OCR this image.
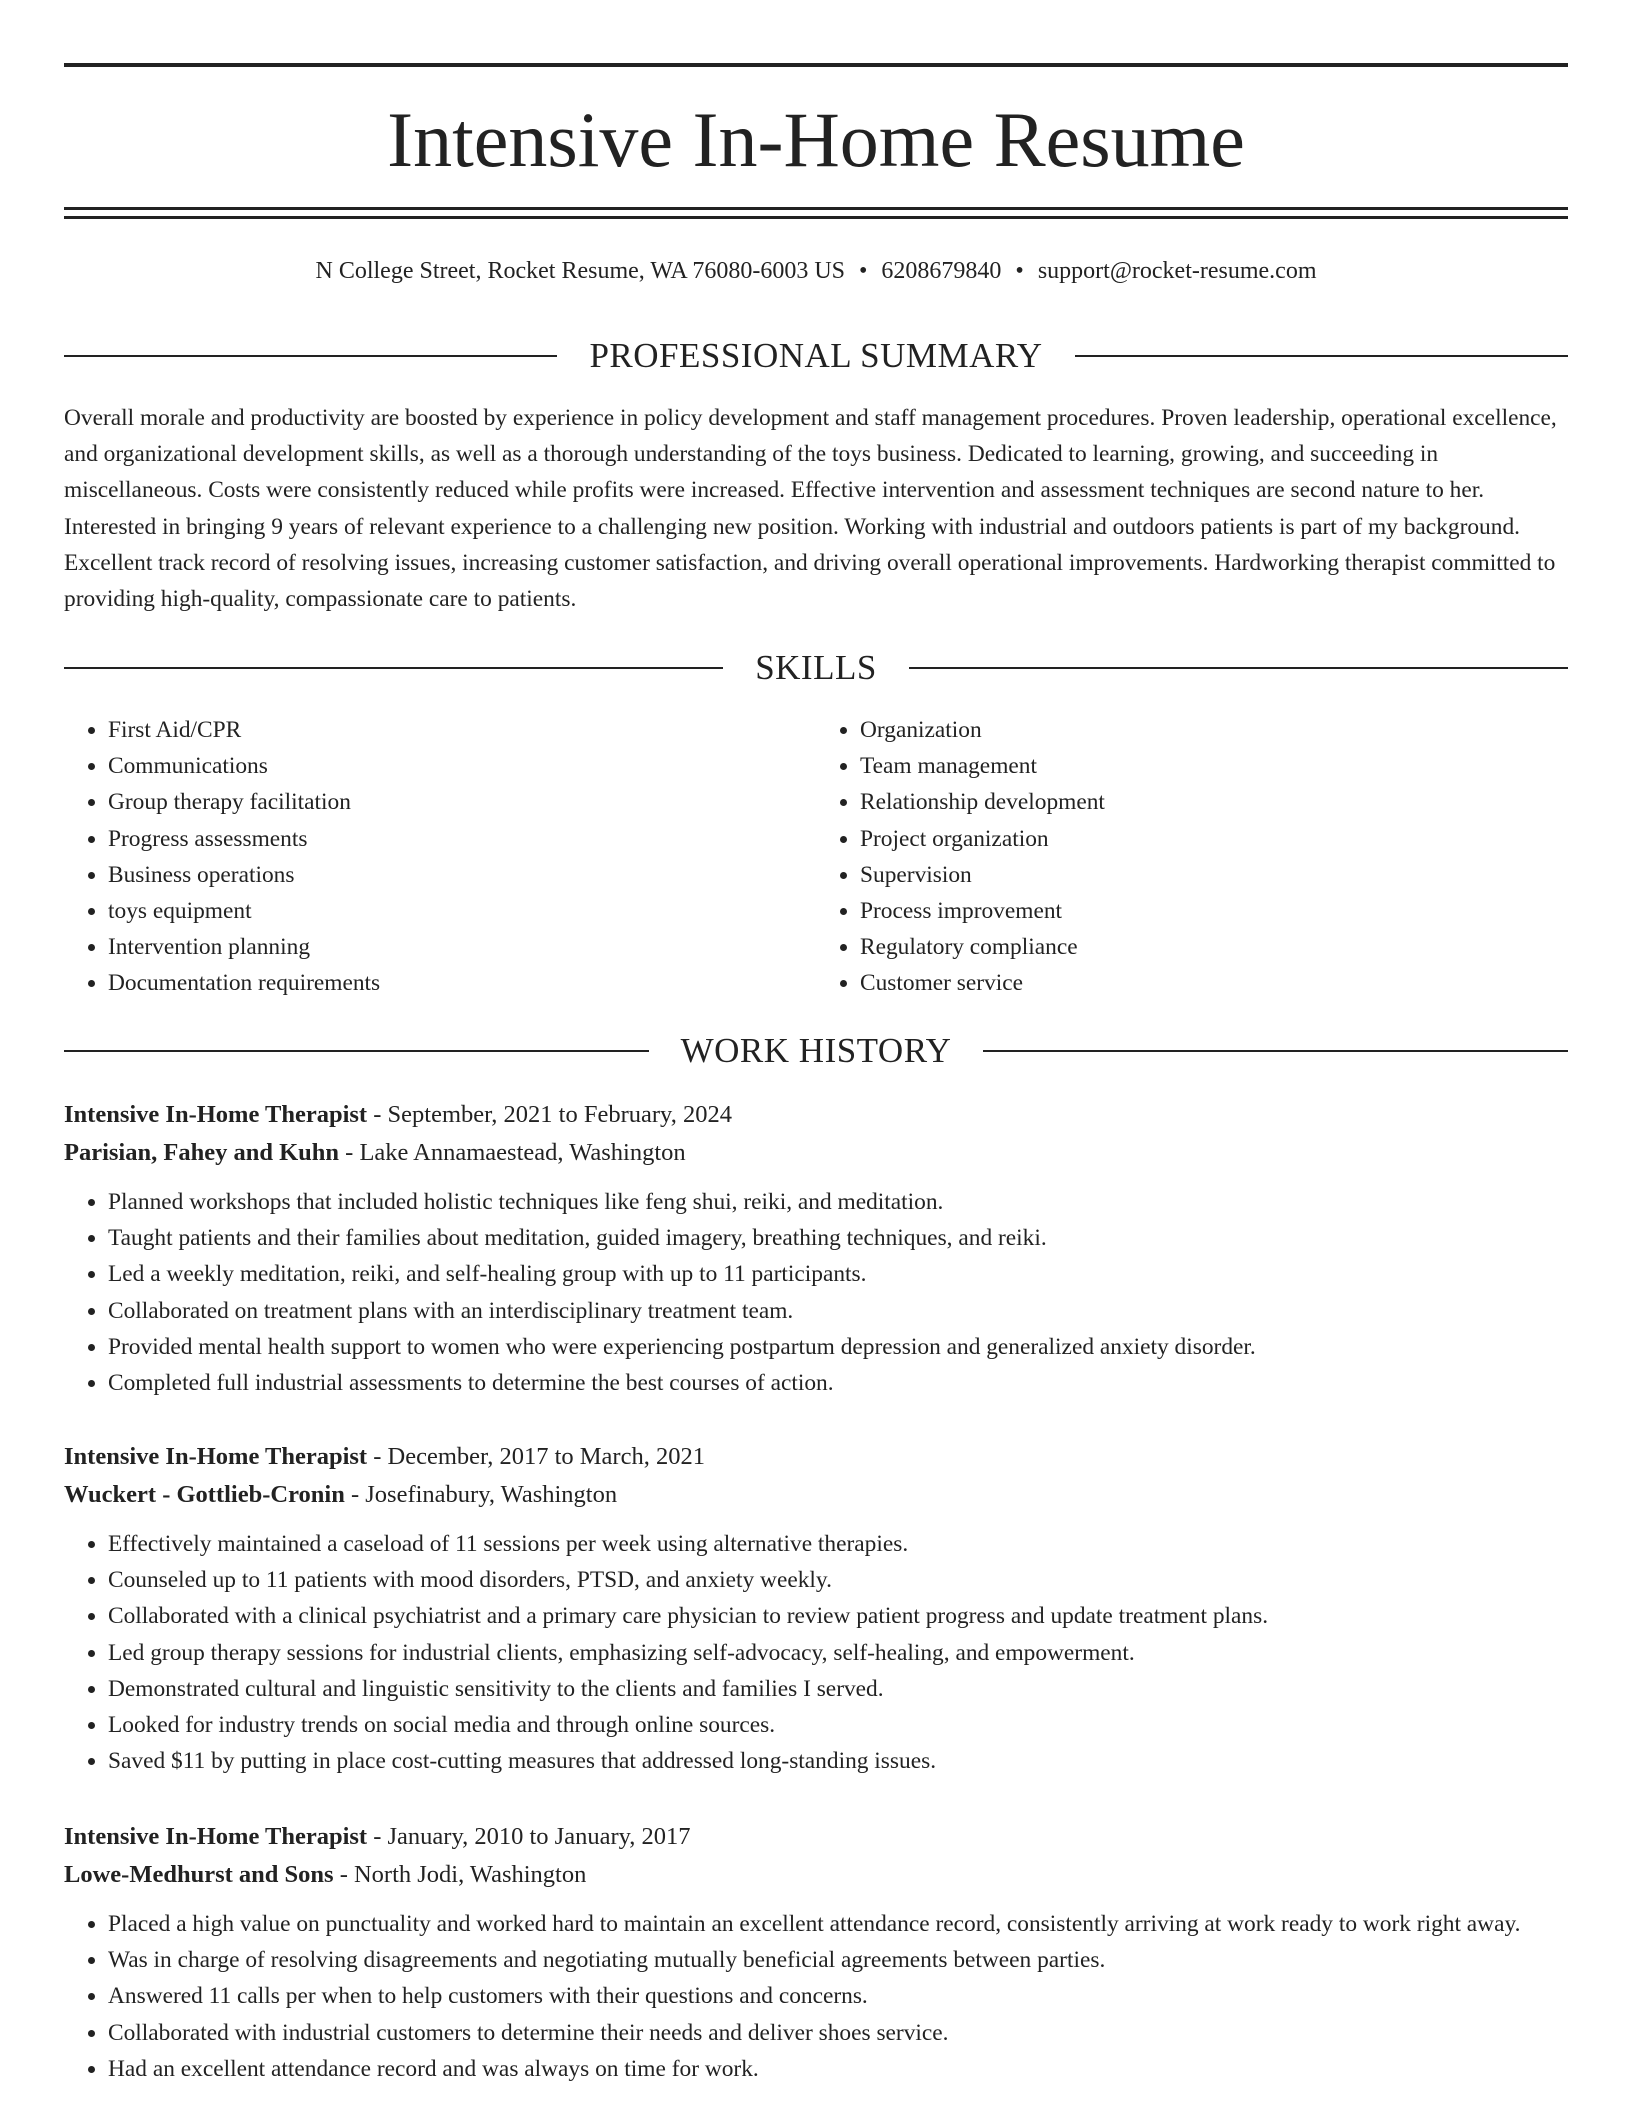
Intensive In-Home Resume
N College Street, Rocket Resume, WA 76080-6003 US • 6208679840 • support@rocket-resume.com
PROFESSIONAL SUMMARY

Overall morale and productivity are boosted by experience in policy development and staff management procedures. Proven leadership, operational excellence, and organizational development skills, as well as a thorough understanding of the toys business. Dedicated to learning, growing, and succeeding in miscellaneous. Costs were consistently reduced while profits were increased. Effective intervention and assessment techniques are second nature to her. Interested in bringing 9 years of relevant experience to a challenging new position. Working with industrial and outdoors patients is part of my background. Excellent track record of resolving issues, increasing customer satisfaction, and driving overall operational improvements. Hardworking therapist committed to providing high-quality, compassionate care to patients.

SKILLS
• First Aid/CPR
• Communications
• Group therapy facilitation
• Progress assessments
• Business operations
• toys equipment
• Intervention planning
• Documentation requirements
• Organization
• Team management
• Relationship development
• Project organization
• Supervision
• Process improvement
• Regulatory compliance
• Customer service
WORK HISTORY
Intensive In-Home Therapist - September, 2021 to February, 2024
Parisian, Fahey and Kuhn - Lake Annamaestead, Washington
• Planned workshops that included holistic techniques like feng shui, reiki, and meditation.
• Taught patients and their families about meditation, guided imagery, breathing techniques, and reiki.
• Led a weekly meditation, reiki, and self-healing group with up to 11 participants.
• Collaborated on treatment plans with an interdisciplinary treatment team.
• Provided mental health support to women who were experiencing postpartum depression and generalized anxiety disorder.
• Completed full industrial assessments to determine the best courses of action.
Intensive In-Home Therapist - December, 2017 to March, 2021
Wuckert - Gottlieb-Cronin - Josefinabury, Washington
• Effectively maintained a caseload of 11 sessions per week using alternative therapies.
• Counseled up to 11 patients with mood disorders, PTSD, and anxiety weekly.
• Collaborated with a clinical psychiatrist and a primary care physician to review patient progress and update treatment plans.
• Led group therapy sessions for industrial clients, emphasizing self-advocacy, self-healing, and empowerment.
• Demonstrated cultural and linguistic sensitivity to the clients and families I served.
• Looked for industry trends on social media and through online sources.
• Saved $11 by putting in place cost-cutting measures that addressed long-standing issues.
Intensive In-Home Therapist - January, 2010 to January, 2017
Lowe-Medhurst and Sons - North Jodi, Washington
• Placed a high value on punctuality and worked hard to maintain an excellent attendance record, consistently arriving at work ready to work right away.
• Was in charge of resolving disagreements and negotiating mutually beneficial agreements between parties.
• Answered 11 calls per when to help customers with their questions and concerns.
• Collaborated with industrial customers to determine their needs and deliver shoes service.
• Had an excellent attendance record and was always on time for work.
